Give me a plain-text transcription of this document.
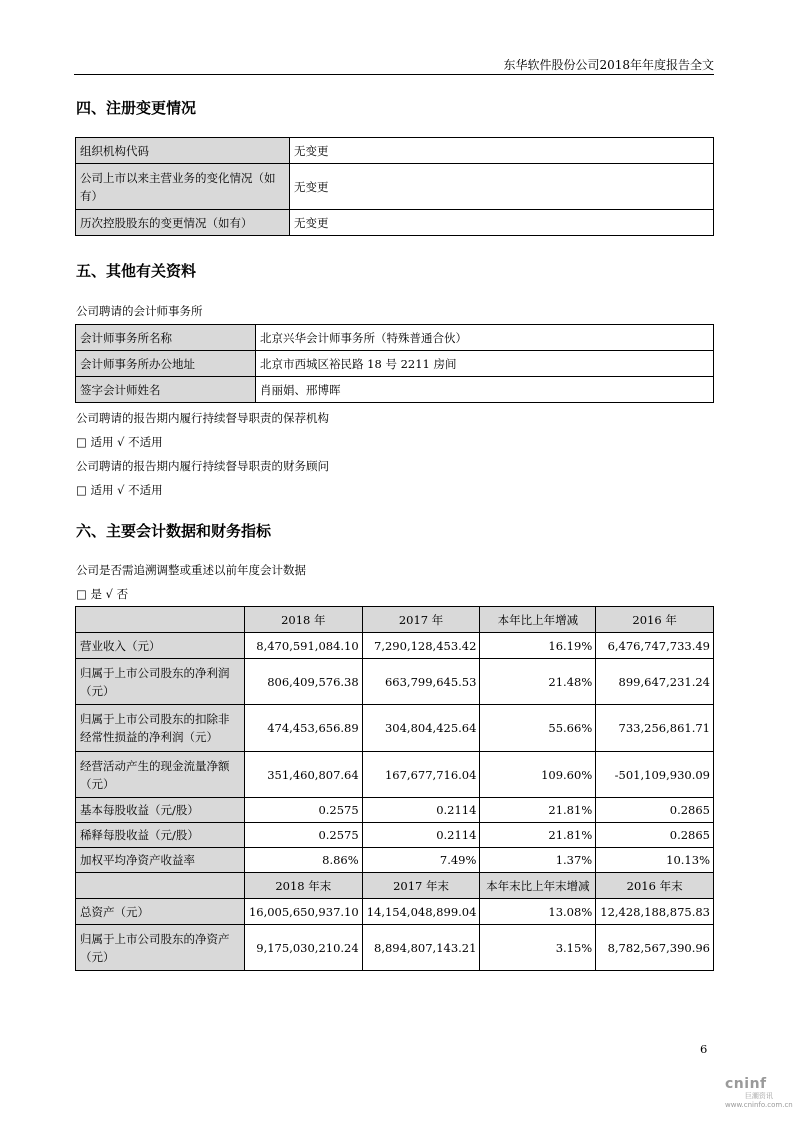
东华软件股份公司2018年年度报告全文
四、注册变更情况
组织机构代码	无变更
公司上市以来主营业务的变化情况（如有）	无变更
历次控股股东的变更情况（如有）	无变更
五、其他有关资料
公司聘请的会计师事务所
会计师事务所名称	北京兴华会计师事务所（特殊普通合伙）
会计师事务所办公地址	北京市西城区裕民路 18 号 2211 房间
签字会计师姓名	肖丽娟、邢博晖
公司聘请的报告期内履行持续督导职责的保荐机构
□ 适用 √ 不适用
公司聘请的报告期内履行持续督导职责的财务顾问
□ 适用 √ 不适用
六、主要会计数据和财务指标
公司是否需追溯调整或重述以前年度会计数据
□ 是 √ 否
	2018 年	2017 年	本年比上年增减	2016 年
营业收入（元）	8,470,591,084.10	7,290,128,453.42	16.19%	6,476,747,733.49
归属于上市公司股东的净利润（元）	806,409,576.38	663,799,645.53	21.48%	899,647,231.24
归属于上市公司股东的扣除非经常性损益的净利润（元）	474,453,656.89	304,804,425.64	55.66%	733,256,861.71
经营活动产生的现金流量净额（元）	351,460,807.64	167,677,716.04	109.60%	-501,109,930.09
基本每股收益（元/股）	0.2575	0.2114	21.81%	0.2865
稀释每股收益（元/股）	0.2575	0.2114	21.81%	0.2865
加权平均净资产收益率	8.86%	7.49%	1.37%	10.13%
	2018 年末	2017 年末	本年末比上年末增减	2016 年末
总资产（元）	16,005,650,937.10	14,154,048,899.04	13.08%	12,428,188,875.83
归属于上市公司股东的净资产（元）	9,175,030,210.24	8,894,807,143.21	3.15%	8,782,567,390.96
6
cninf
巨潮资讯
www.cninfo.com.cn
